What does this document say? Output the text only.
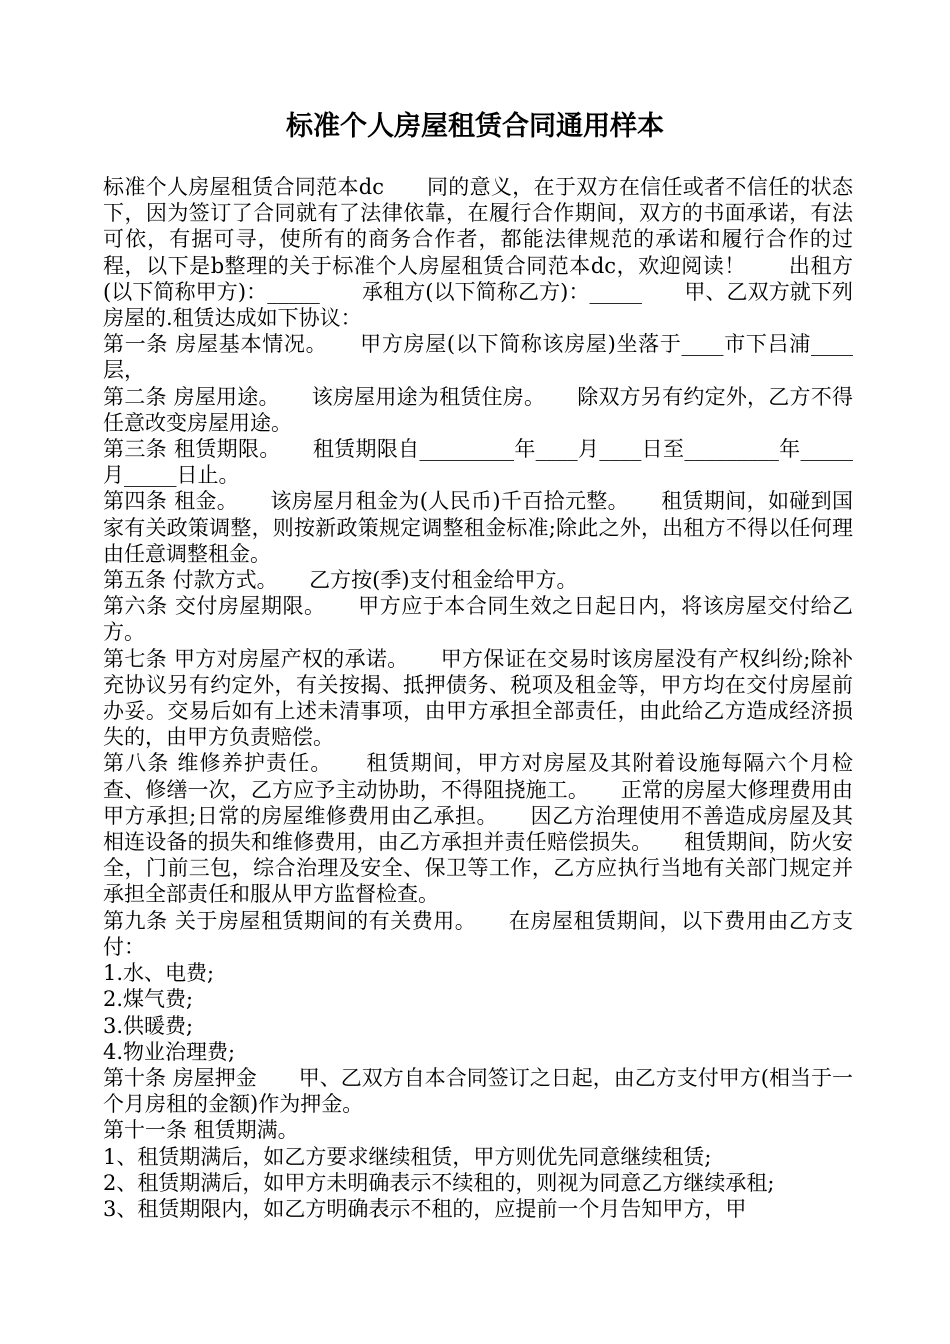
标准个人房屋租赁合同通用样本

标准个人房屋租赁合同范本dc　　同的意义，在于双方在信任或者不信任的状态下，因为签订了合同就有了法律依靠，在履行合作期间，双方的书面承诺，有法可依，有据可寻，使所有的商务合作者，都能法律规范的承诺和履行合作的过程，以下是b整理的关于标准个人房屋租赁合同范本dc，欢迎阅读！　　出租方(以下简称甲方)：_____　　承租方(以下简称乙方)：_____　　甲、乙双方就下列房屋的.租赁达成如下协议：

第一条 房屋基本情况。　　甲方房屋(以下简称该房屋)坐落于____市下吕浦____层，

第二条 房屋用途。　　该房屋用途为租赁住房。　　除双方另有约定外，乙方不得任意改变房屋用途。

第三条 租赁期限。　　租赁期限自_________年____月____日至_________年_____月_____日止。

第四条 租金。　　该房屋月租金为(人民币)千百拾元整。　　租赁期间，如碰到国家有关政策调整，则按新政策规定调整租金标准;除此之外，出租方不得以任何理由任意调整租金。

第五条 付款方式。　　乙方按(季)支付租金给甲方。

第六条 交付房屋期限。　　甲方应于本合同生效之日起日内，将该房屋交付给乙方。

第七条 甲方对房屋产权的承诺。　　甲方保证在交易时该房屋没有产权纠纷;除补充协议另有约定外，有关按揭、抵押债务、税项及租金等，甲方均在交付房屋前办妥。交易后如有上述未清事项，由甲方承担全部责任，由此给乙方造成经济损失的，由甲方负责赔偿。

第八条 维修养护责任。　　租赁期间，甲方对房屋及其附着设施每隔六个月检查、修缮一次，乙方应予主动协助，不得阻挠施工。　　正常的房屋大修理费用由甲方承担;日常的房屋维修费用由乙承担。　　因乙方治理使用不善造成房屋及其相连设备的损失和维修费用，由乙方承担并责任赔偿损失。　　租赁期间，防火安全，门前三包，综合治理及安全、保卫等工作，乙方应执行当地有关部门规定并承担全部责任和服从甲方监督检查。

第九条 关于房屋租赁期间的有关费用。　　在房屋租赁期间，以下费用由乙方支付：

1.水、电费;

2.煤气费;

3.供暖费;

4.物业治理费;

第十条 房屋押金　　甲、乙双方自本合同签订之日起，由乙方支付甲方(相当于一个月房租的金额)作为押金。

第十一条 租赁期满。

1、租赁期满后，如乙方要求继续租赁，甲方则优先同意继续租赁;

2、租赁期满后，如甲方未明确表示不续租的，则视为同意乙方继续承租;

3、租赁期限内，如乙方明确表示不租的，应提前一个月告知甲方，甲
